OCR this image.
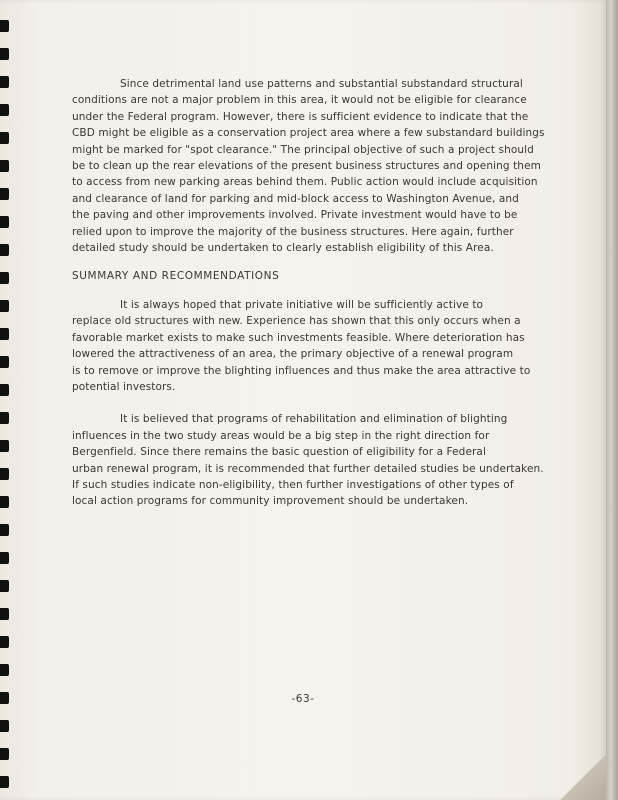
Since detrimental land use patterns and substantial substandard structural
conditions are not a major problem in this area, it would not be eligible for clearance
under the Federal program. However, there is sufficient evidence to indicate that the
CBD might be eligible as a conservation project area where a few substandard buildings
might be marked for "spot clearance." The principal objective of such a project should
be to clean up the rear elevations of the present business structures and opening them
to access from new parking areas behind them. Public action would include acquisition
and clearance of land for parking and mid-block access to Washington Avenue, and
the paving and other improvements involved. Private investment would have to be
relied upon to improve the majority of the business structures. Here again, further
detailed study should be undertaken to clearly establish eligibility of this Area.
SUMMARY AND RECOMMENDATIONS
It is always hoped that private initiative will be sufficiently active to
replace old structures with new. Experience has shown that this only occurs when a
favorable market exists to make such investments feasible. Where deterioration has
lowered the attractiveness of an area, the primary objective of a renewal program
is to remove or improve the blighting influences and thus make the area attractive to
potential investors.
It is believed that programs of rehabilitation and elimination of blighting
influences in the two study areas would be a big step in the right direction for
Bergenfield. Since there remains the basic question of eligibility for a Federal
urban renewal program, it is recommended that further detailed studies be undertaken.
If such studies indicate non-eligibility, then further investigations of other types of
local action programs for community improvement should be undertaken.
-63-
